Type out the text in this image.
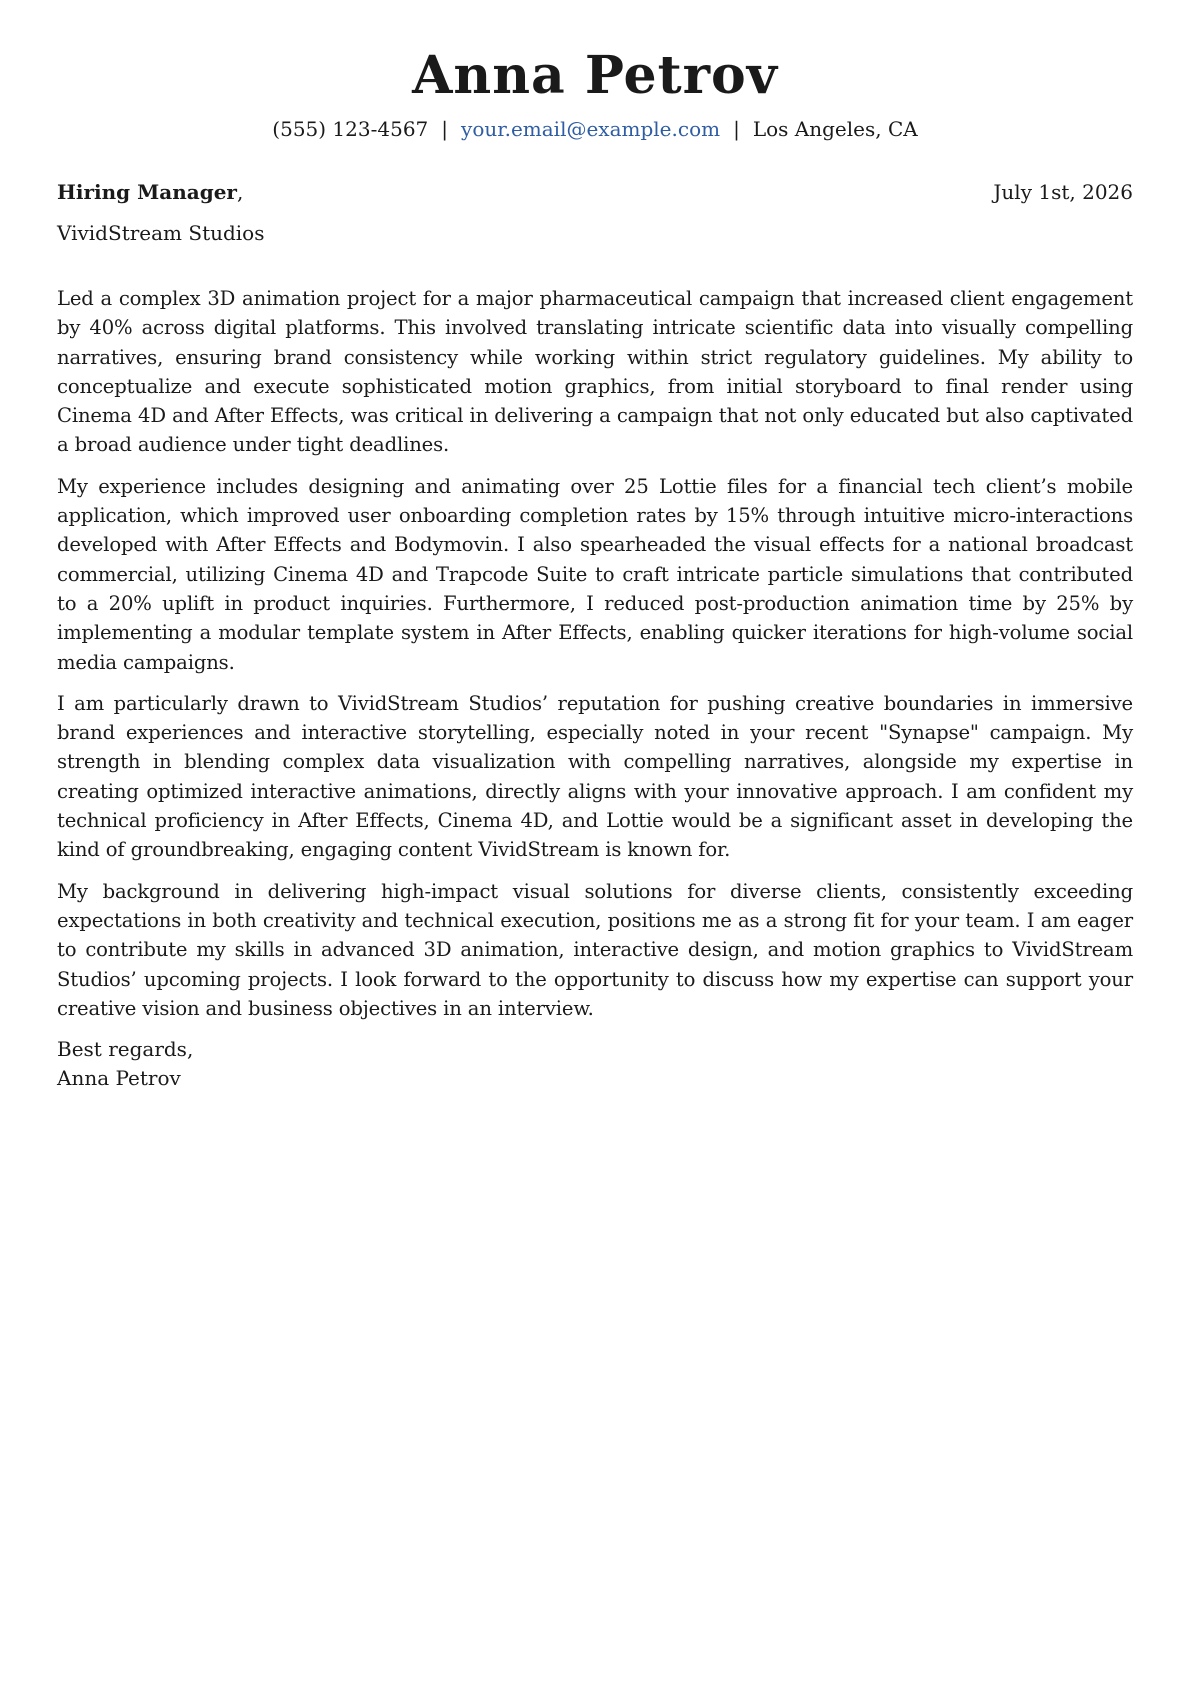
Anna Petrov
(555) 123-4567 | your.email@example.com | Los Angeles, CA
Hiring Manager,	July 1st, 2026
VividStream Studios

Led a complex 3D animation project for a major pharmaceutical campaign that increased client engagement by 40% across digital platforms. This involved translating intricate scientific data into visually compelling narratives, ensuring brand consistency while working within strict regulatory guidelines. My ability to conceptualize and execute sophisticated motion graphics, from initial storyboard to final render using Cinema 4D and After Effects, was critical in delivering a campaign that not only educated but also captivated a broad audience under tight deadlines.

My experience includes designing and animating over 25 Lottie files for a financial tech client’s mobile application, which improved user onboarding completion rates by 15% through intuitive micro-interactions developed with After Effects and Bodymovin. I also spearheaded the visual effects for a national broadcast commercial, utilizing Cinema 4D and Trapcode Suite to craft intricate particle simulations that contributed to a 20% uplift in product inquiries. Furthermore, I reduced post-production animation time by 25% by implementing a modular template system in After Effects, enabling quicker iterations for high-volume social media campaigns.

I am particularly drawn to VividStream Studios’ reputation for pushing creative boundaries in immersive brand experiences and interactive storytelling, especially noted in your recent "Synapse" campaign. My strength in blending complex data visualization with compelling narratives, alongside my expertise in creating optimized interactive animations, directly aligns with your innovative approach. I am confident my technical proficiency in After Effects, Cinema 4D, and Lottie would be a significant asset in developing the kind of groundbreaking, engaging content VividStream is known for.

My background in delivering high-impact visual solutions for diverse clients, consistently exceeding expectations in both creativity and technical execution, positions me as a strong fit for your team. I am eager to contribute my skills in advanced 3D animation, interactive design, and motion graphics to VividStream Studios’ upcoming projects. I look forward to the opportunity to discuss how my expertise can support your creative vision and business objectives in an interview.

Best regards,
Anna Petrov
